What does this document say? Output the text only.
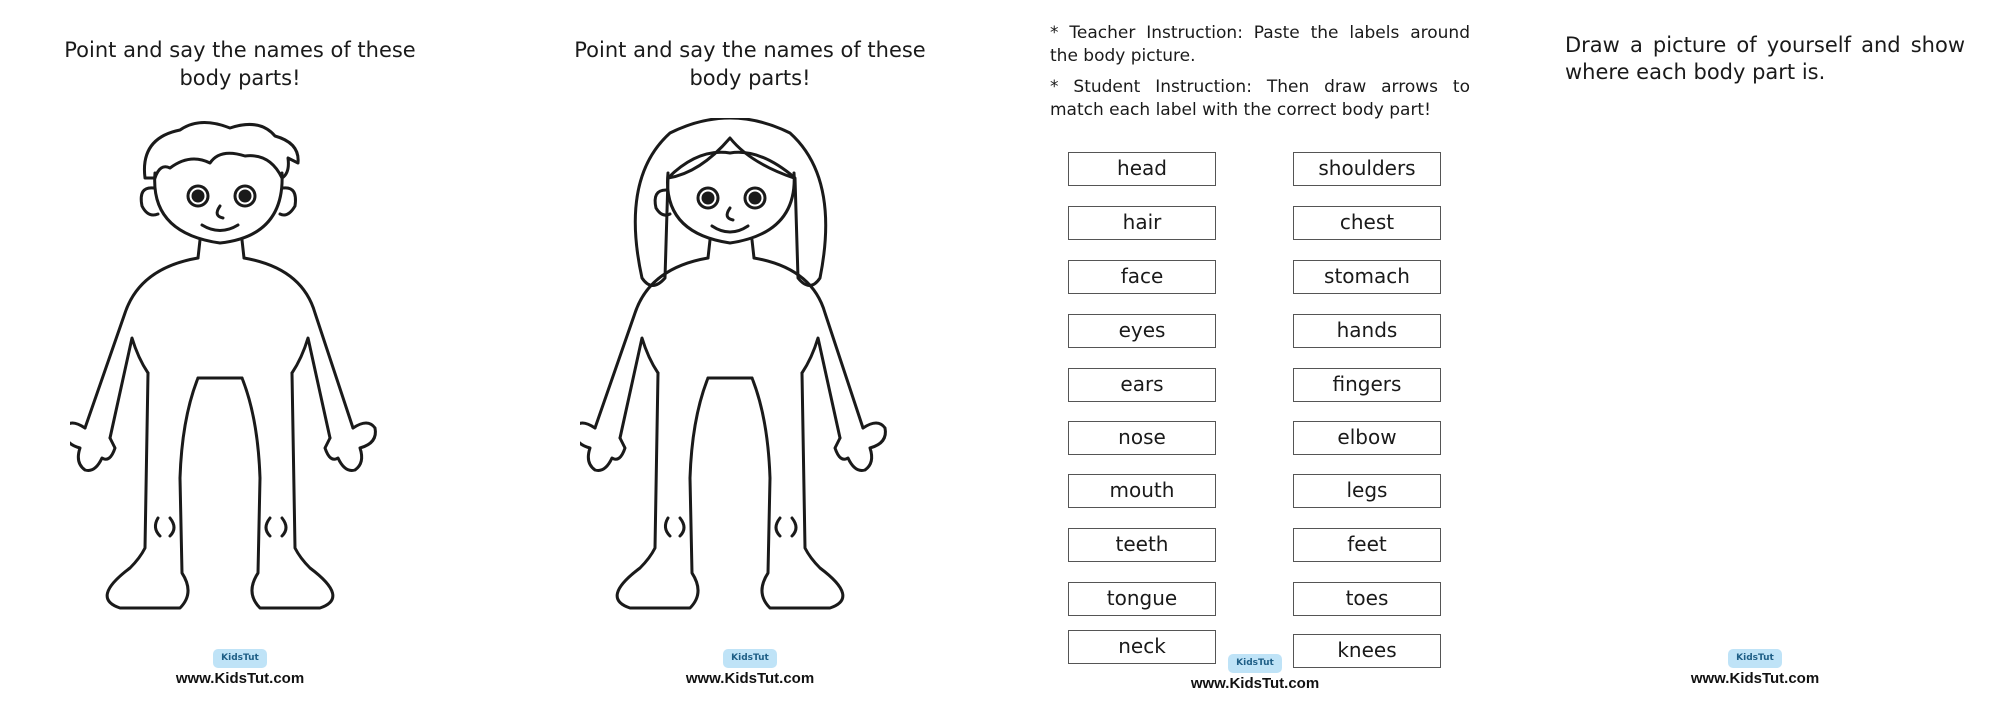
Point and say the names of these body parts!
KidsTut
www.KidsTut.com
Point and say the names of these body parts!
KidsTut
www.KidsTut.com
* Teacher Instruction: Paste the labels around the body picture.
* Student Instruction: Then draw arrows to match each label with the correct body part!
head
hair
face
eyes
ears
nose
mouth
teeth
tongue
neck
shoulders
chest
stomach
hands
fingers
elbow
legs
feet
toes
knees
KidsTut
www.KidsTut.com
Draw a picture of yourself and show where each body part is.
KidsTut
www.KidsTut.com
